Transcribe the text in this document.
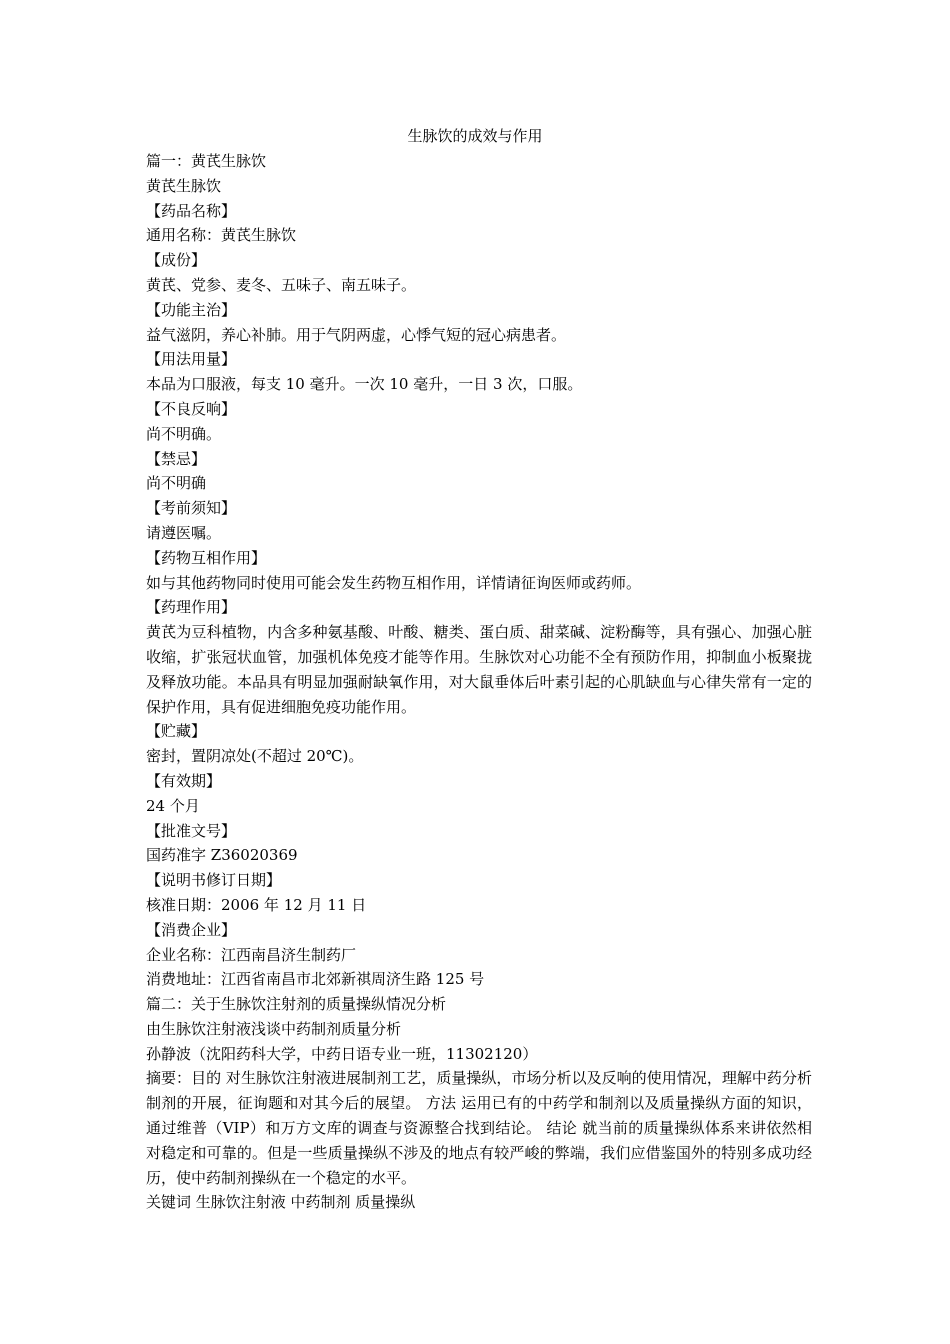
生脉饮的成效与作用
篇一：黄芪生脉饮
黄芪生脉饮
【药品名称】
通用名称：黄芪生脉饮
【成份】
黄芪、党参、麦冬、五味子、南五味子。
【功能主治】
益气滋阴，养心补肺。用于气阴两虚，心悸气短的冠心病患者。
【用法用量】
本品为口服液，每支 10 毫升。一次 10 毫升，一日 3 次，口服。
【不良反响】
尚不明确。
【禁忌】
尚不明确
【考前须知】
请遵医嘱。
【药物互相作用】
如与其他药物同时使用可能会发生药物互相作用，详情请征询医师或药师。
【药理作用】
黄芪为豆科植物，内含多种氨基酸、叶酸、糖类、蛋白质、甜菜碱、淀粉酶等，具有强心、加强心脏收缩，扩张冠状血管，加强机体免疫才能等作用。生脉饮对心功能不全有预防作用，抑制血小板聚拢及释放功能。本品具有明显加强耐缺氧作用，对大鼠垂体后叶素引起的心肌缺血与心律失常有一定的保护作用，具有促进细胞免疫功能作用。
【贮藏】
密封，置阴凉处(不超过 20℃)。
【有效期】
24 个月
【批准文号】
国药准字 Z36020369
【说明书修订日期】
核准日期：2006 年 12 月 11 日
【消费企业】
企业名称：江西南昌济生制药厂
消费地址：江西省南昌市北郊新祺周济生路 125 号
篇二：关于生脉饮注射剂的质量操纵情况分析
由生脉饮注射液浅谈中药制剂质量分析
孙静波（沈阳药科大学，中药日语专业一班，11302120）
摘要：目的 对生脉饮注射液进展制剂工艺，质量操纵，市场分析以及反响的使用情况，理解中药分析制剂的开展，征询题和对其今后的展望。 方法 运用已有的中药学和制剂以及质量操纵方面的知识，通过维普（VIP）和万方文库的调查与资源整合找到结论。 结论 就当前的质量操纵体系来讲依然相对稳定和可靠的。但是一些质量操纵不涉及的地点有较严峻的弊端，我们应借鉴国外的特别多成功经历，使中药制剂操纵在一个稳定的水平。
关键词 生脉饮注射液 中药制剂 质量操纵
